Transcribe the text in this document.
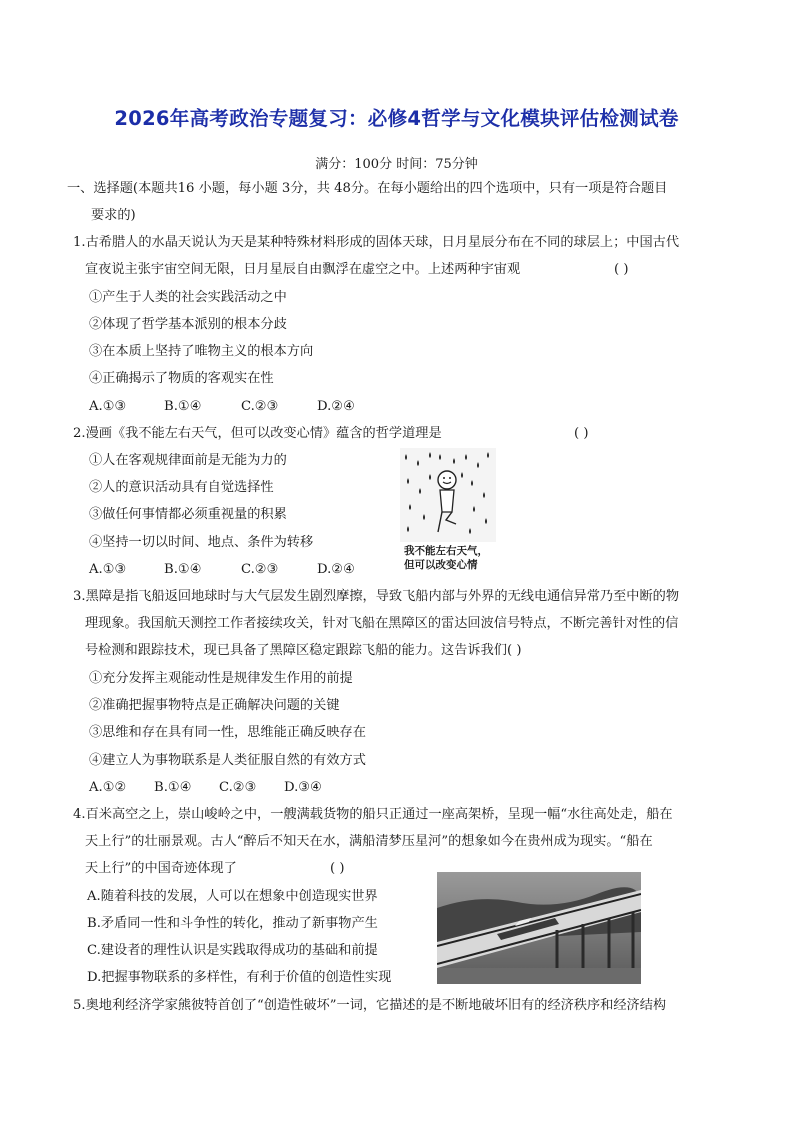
2026年高考政治专题复习：必修4哲学与文化模块评估检测试卷
满分：100分 时间：75分钟
一、选择题(本题共16 小题，每小题 3分，共 48分。在每小题给出的四个选项中，只有一项是符合题目
要求的)
1.古希腊人的水晶天说认为天是某种特殊材料形成的固体天球，日月星辰分布在不同的球层上；中国古代
宣夜说主张宇宙空间无限，日月星辰自由飘浮在虚空之中。上述两种宇宙观	( )
①产生于人类的社会实践活动之中
②体现了哲学基本派别的根本分歧
③在本质上坚持了唯物主义的根本方向
④正确揭示了物质的客观实在性
A.①③	B.①④	C.②③	D.②④
2.漫画《我不能左右天气，但可以改变心情》蕴含的哲学道理是	( )
①人在客观规律面前是无能为力的
②人的意识活动具有自觉选择性
③做任何事情都必须重视量的积累
④坚持一切以时间、地点、条件为转移
A.①③	B.①④	C.②③	D.②④
我不能左右天气，
但可以改变心情
3.黑障是指飞船返回地球时与大气层发生剧烈摩擦，导致飞船内部与外界的无线电通信异常乃至中断的物
理现象。我国航天测控工作者接续攻关，针对飞船在黑障区的雷达回波信号特点，不断完善针对性的信
号检测和跟踪技术，现已具备了黑障区稳定跟踪飞船的能力。这告诉我们( )
①充分发挥主观能动性是规律发生作用的前提
②准确把握事物特点是正确解决问题的关键
③思维和存在具有同一性，思维能正确反映存在
④建立人为事物联系是人类征服自然的有效方式
A.①② B.①④ C.②③ D.③④
4.百米高空之上，崇山峻岭之中，一艘满载货物的船只正通过一座高架桥，呈现一幅“水往高处走，船在
天上行”的壮丽景观。古人“醉后不知天在水，满船清梦压星河”的想象如今在贵州成为现实。“船在
天上行”的中国奇迹体现了	( )
A.随着科技的发展，人可以在想象中创造现实世界
B.矛盾同一性和斗争性的转化，推动了新事物产生
C.建设者的理性认识是实践取得成功的基础和前提
D.把握事物联系的多样性，有利于价值的创造性实现
5.奥地利经济学家熊彼特首创了“创造性破坏”一词，它描述的是不断地破坏旧有的经济秩序和经济结构
